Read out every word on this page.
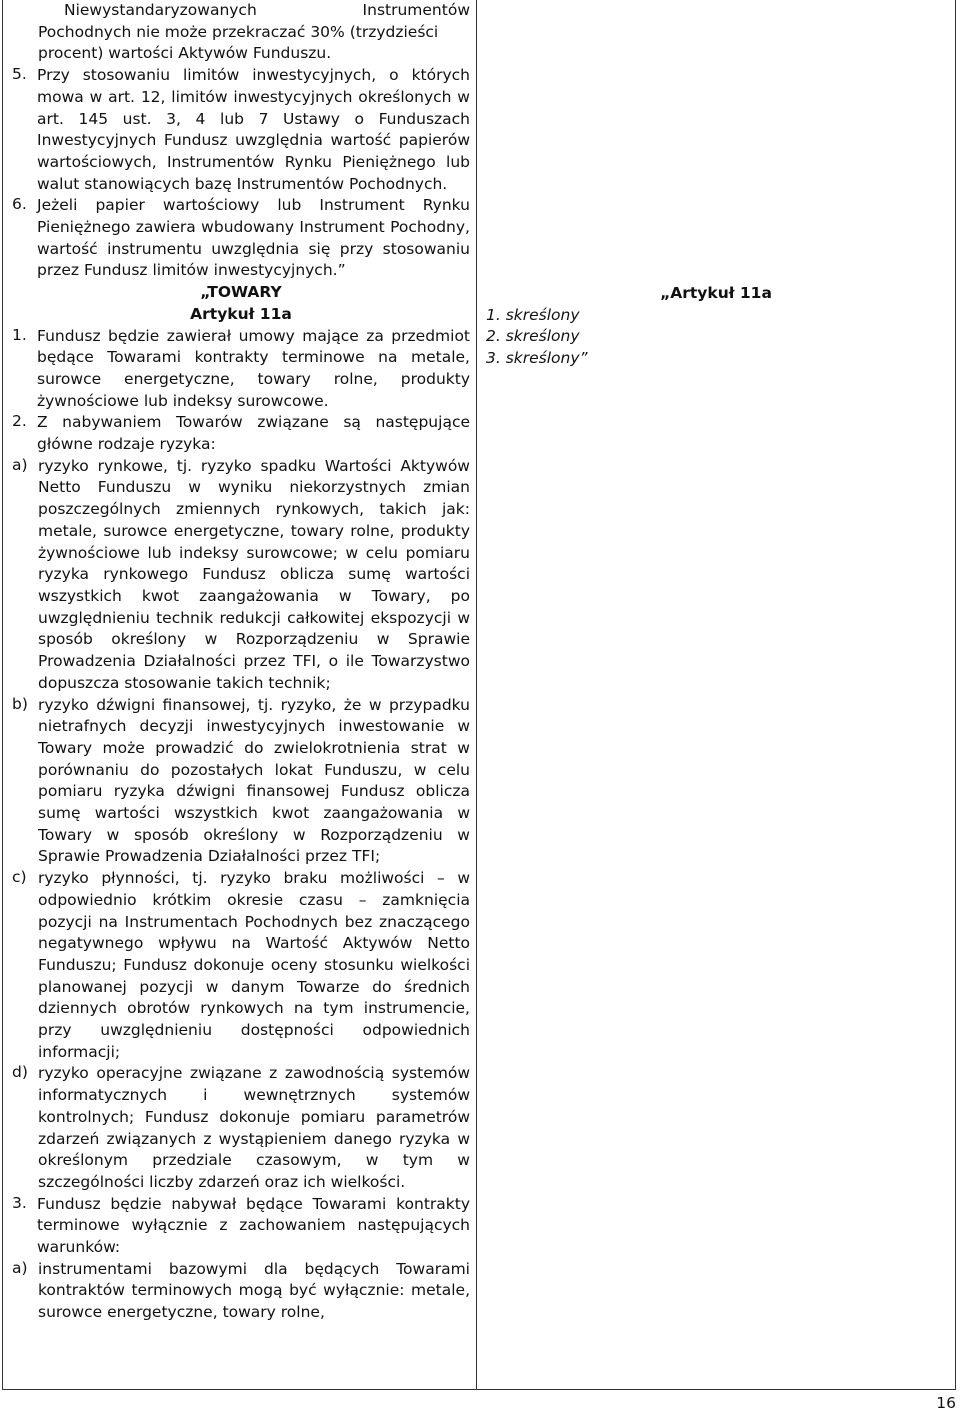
Niewystandaryzowanych Instrumentów

Pochodnych nie może przekraczać 30% (trzydzieści

procent) wartości Aktywów Funduszu.

5. Przy stosowaniu limitów inwestycyjnych, o których mowa w art. 12, limitów inwestycyjnych określonych w art. 145 ust. 3, 4 lub 7 Ustawy o Funduszach Inwestycyjnych Fundusz uwzględnia wartość papierów wartościowych, Instrumentów Rynku Pieniężnego lub walut stanowiących bazę Instrumentów Pochodnych.

6. Jeżeli papier wartościowy lub Instrument Rynku Pieniężnego zawiera wbudowany Instrument Pochodny, wartość instrumentu uwzględnia się przy stosowaniu przez Fundusz limitów inwestycyjnych.”

„TOWARY
Artykuł 11a
1. Fundusz będzie zawierał umowy mające za przedmiot będące Towarami kontrakty terminowe na metale, surowce energetyczne, towary rolne, produkty żywnościowe lub indeksy surowcowe.

2. Z nabywaniem Towarów związane są następujące główne rodzaje ryzyka:

a) ryzyko rynkowe, tj. ryzyko spadku Wartości Aktywów Netto Funduszu w wyniku niekorzystnych zmian poszczególnych zmiennych rynkowych, takich jak: metale, surowce energetyczne, towary rolne, produkty żywnościowe lub indeksy surowcowe; w celu pomiaru ryzyka rynkowego Fundusz oblicza sumę wartości wszystkich kwot zaangażowania w Towary, po uwzględnieniu technik redukcji całkowitej ekspozycji w sposób określony w Rozporządzeniu w Sprawie Prowadzenia Działalności przez TFI, o ile Towarzystwo dopuszcza stosowanie takich technik;

b) ryzyko dźwigni finansowej, tj. ryzyko, że w przypadku nietrafnych decyzji inwestycyjnych inwestowanie w Towary może prowadzić do zwielokrotnienia strat w porównaniu do pozostałych lokat Funduszu, w celu pomiaru ryzyka dźwigni finansowej Fundusz oblicza sumę wartości wszystkich kwot zaangażowania w Towary w sposób określony w Rozporządzeniu w Sprawie Prowadzenia Działalności przez TFI;

c) ryzyko płynności, tj. ryzyko braku możliwości – w odpowiednio krótkim okresie czasu – zamknięcia pozycji na Instrumentach Pochodnych bez znaczącego negatywnego wpływu na Wartość Aktywów Netto Funduszu; Fundusz dokonuje oceny stosunku wielkości planowanej pozycji w danym Towarze do średnich dziennych obrotów rynkowych na tym instrumencie, przy uwzględnieniu dostępności odpowiednich informacji;

d) ryzyko operacyjne związane z zawodnością systemów informatycznych i wewnętrznych systemów kontrolnych; Fundusz dokonuje pomiaru parametrów zdarzeń związanych z wystąpieniem danego ryzyka w określonym przedziale czasowym, w tym w szczególności liczby zdarzeń oraz ich wielkości.

3. Fundusz będzie nabywał będące Towarami kontrakty terminowe wyłącznie z zachowaniem następujących warunków:

a) instrumentami bazowymi dla będących Towarami kontraktów terminowych mogą być wyłącznie: metale, surowce energetyczne, towary rolne,

„Artykuł 11a

1. skreślony

2. skreślony

3. skreślony”

16
